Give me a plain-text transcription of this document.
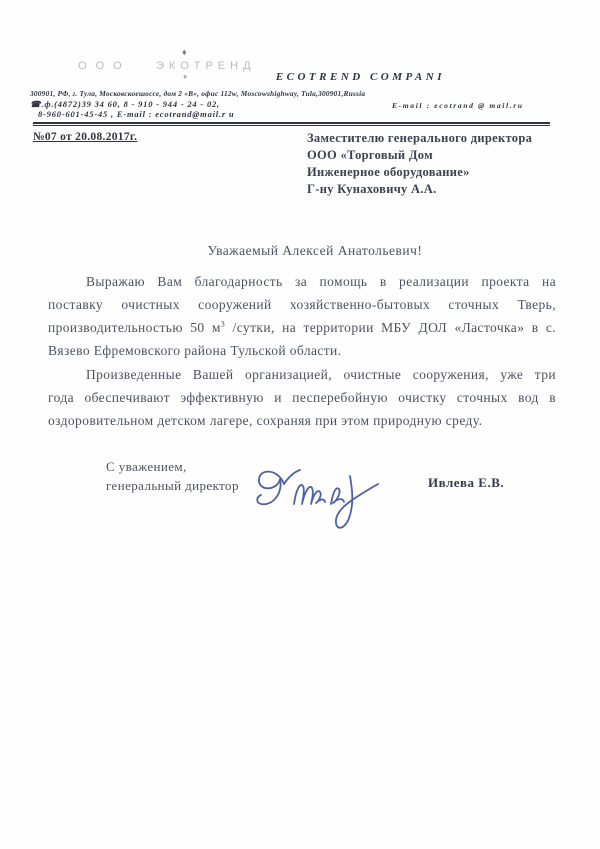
ООО ЭКОТРЕНД
♦
♦	ECOTREND COMPANI
300901, РФ, г. Тула, Московскоешоссе, дом 2 «В», офис 112w, Moscowshighway, Tula,300901,Russia
☎.ф.(4872)39 34 60, 8 - 910 - 944 - 24 - 02,	E-mail : ecotrand @ mail.ru
8-960-601-45-45 , E-mail : ecotrand@mail.r u
№07 от 20.08.2017г.	Заместителю генерального директора
ООО «Торговый Дом
Инженерное оборудование»
Г-ну Кунаховичу А.А.
Уважаемый Алексей Анатольевич!
Выражаю Вам благодарность за помощь в реализации проекта на
поставку очистных сооружений хозяйственно-бытовых сточных Тверь,
производительностью 50 $м^3$ /сутки, на территории МБУ ДОЛ «Ласточка» в с.
Вязево Ефремовского района Тульской области.
Произведенные Вашей организацией, очистные сооружения, уже три
года обеспечивают эффективную и песперебойную очистку сточных вод в
оздоровительном детском лагере, сохраняя при этом природную среду.
С уважением,
генеральный директор	Ивлева Е.В.
